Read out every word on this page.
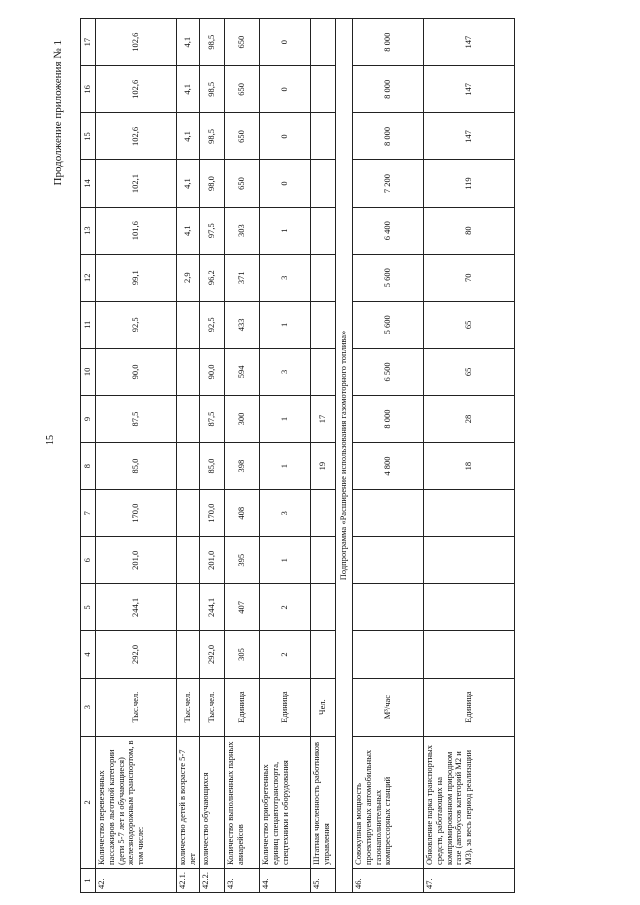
15
Продолжение приложения № 1
1	2	3	4	5	6	7	8	9	10	11	12	13	14	15	16	17
42.	Количество перевезенных пассажиров льготной категории (дети 5-7 лет и обучающиеся) железнодорожным транспортом, в том числе:	Тыс.чел.	292,0	244,1	201,0	170,0	85,0	87,5	90,0	92,5	99,1	101,6	102,1	102,6	102,6	102,6
42.1.	количество детей в возрасте 5-7 лет	Тыс.чел.									2,9	4,1	4,1	4,1	4,1	4,1
42.2.	количество обучающихся	Тыс.чел.	292,0	244,1	201,0	170,0	85,0	87,5	90,0	92,5	96,2	97,5	98,0	98,5	98,5	98,5
43.	Количество выполненных парных авиарейсов	Единица	305	407	395	408	398	300	594	433	371	303	650	650	650	650
44.	Количество приобретенных единиц спецавтотранспорта, спецтехники и оборудования	Единица	2	2	1	3	1	1	3	1	3	1	0	0	0	0
45.	Штатная численность работников управления	Чел.					19	17								
Подпрограмма «Расширение использования газомоторного топлива»																
46.	Совокупная мощность проектируемых автомобильных газонаполнительных компрессорных станций	М³/час					4 800	8 000	6 500	5 600	5 600	6 400	7 200	8 000	8 000	8 000
47.	Обновление парка транспортных средств, работающих на компримированном природном газе (автобусов категорий М2 и М3), за весь период реализации	Единица					18	28	65	65	70	80	119	147	147	147
